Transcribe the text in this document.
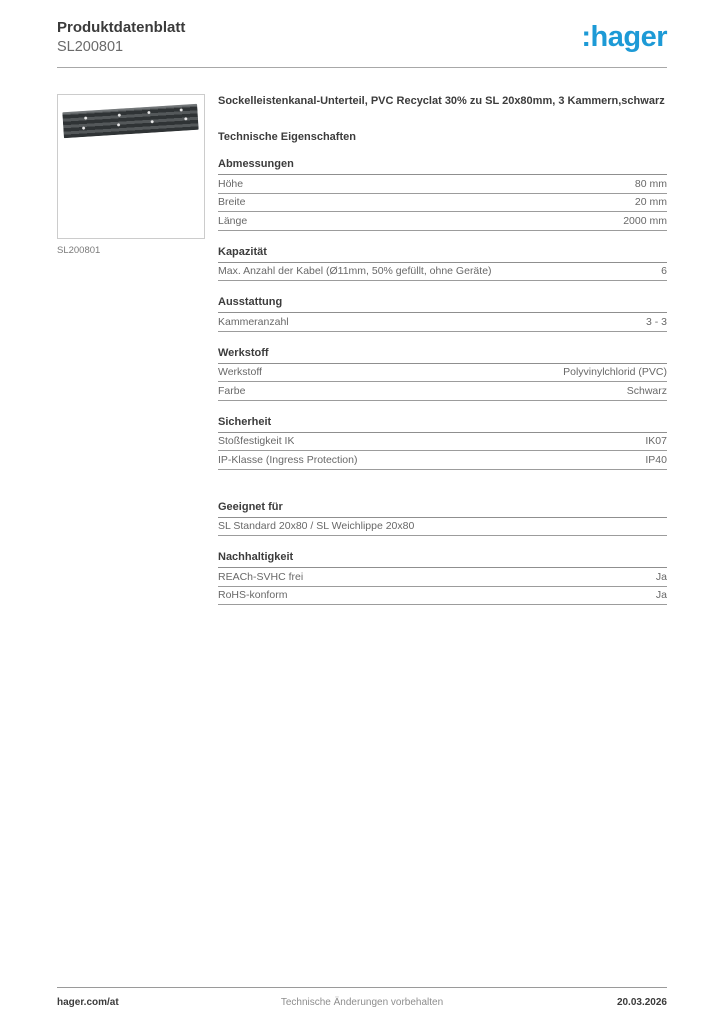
Produktdatenblatt
SL200801	:hager
SL200801
Sockelleistenkanal-Unterteil, PVC Recyclat 30% zu SL 20x80mm, 3 Kammern,schwarz
Technische Eigenschaften
Abmessungen
Höhe	80 mm
Breite	20 mm
Länge	2000 mm
Kapazität
Max. Anzahl der Kabel (Ø11mm, 50% gefüllt, ohne Geräte)	6
Ausstattung
Kammeranzahl	3 - 3
Werkstoff
Werkstoff	Polyvinylchlorid (PVC)
Farbe	Schwarz
Sicherheit
Stoßfestigkeit IK	IK07
IP-Klasse (Ingress Protection)	IP40
Geeignet für
SL Standard 20x80 / SL Weichlippe 20x80
Nachhaltigkeit
REACh-SVHC frei	Ja
RoHS-konform	Ja
hager.com/at	Technische Änderungen vorbehalten	20.03.2026
